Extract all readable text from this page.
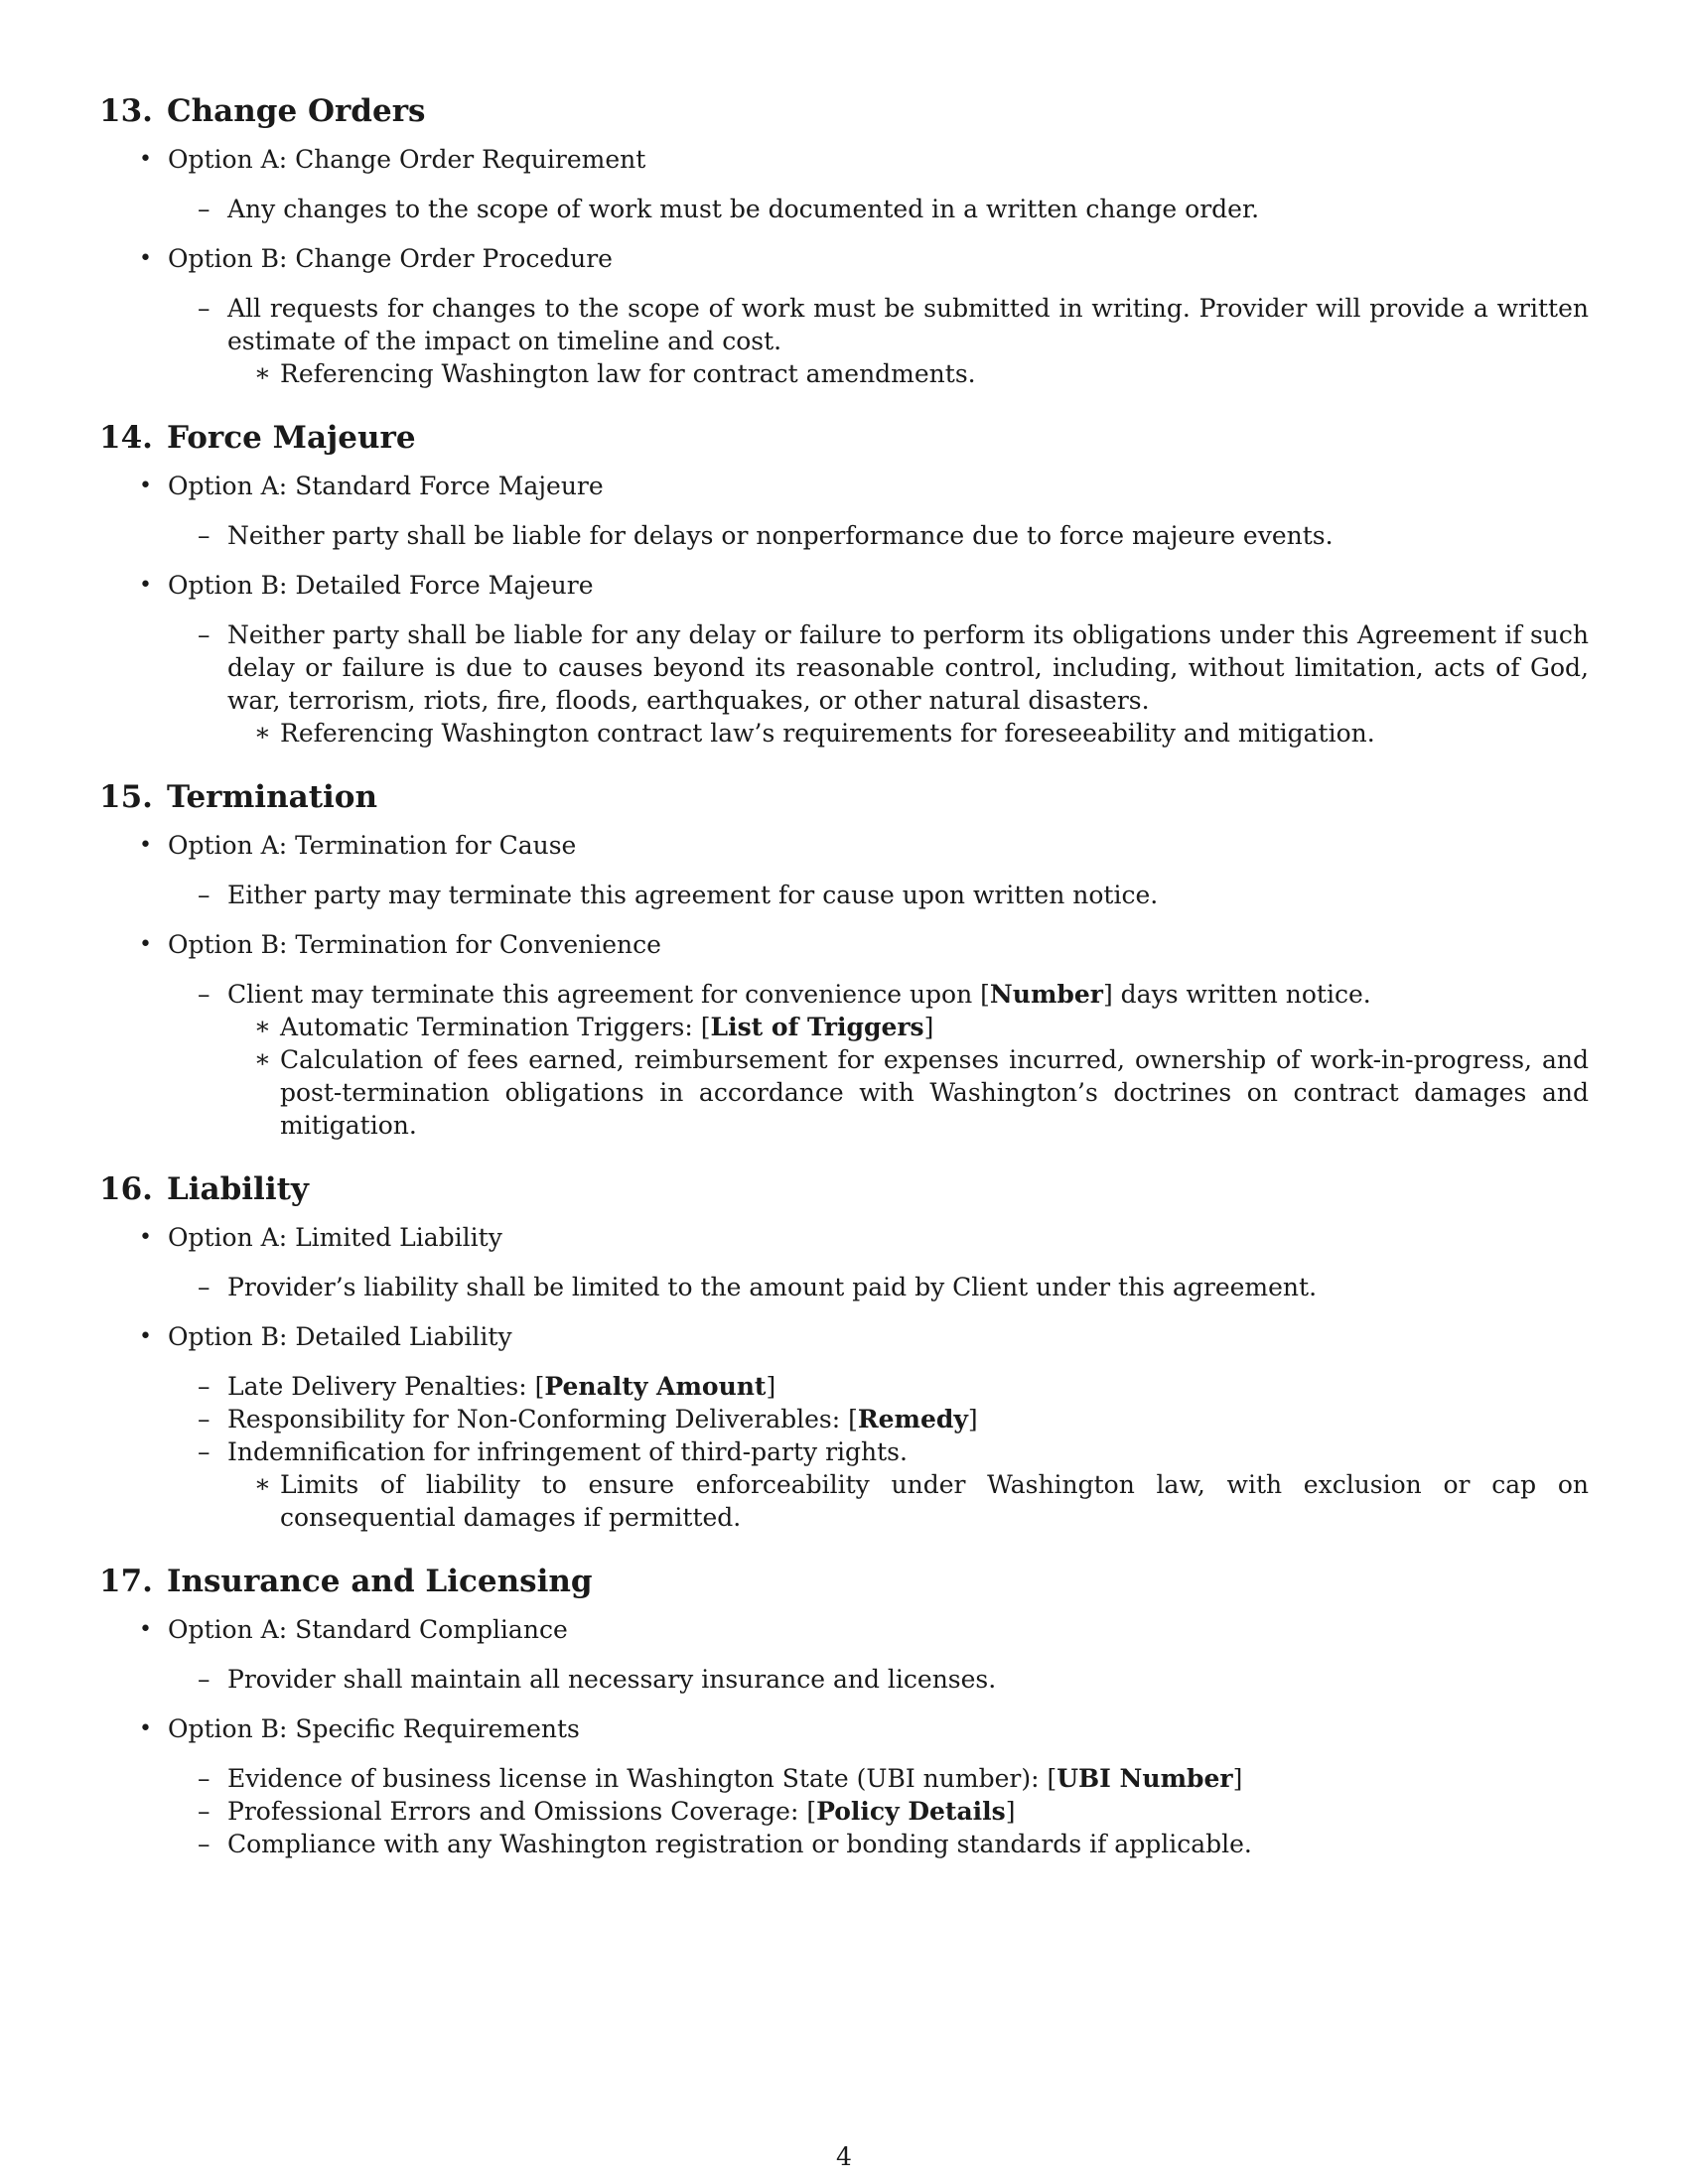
13. Change Orders
• Option A: Change Order Requirement
– Any changes to the scope of work must be documented in a written change order.
• Option B: Change Order Procedure
– All requests for changes to the scope of work must be submitted in writing. Provider will provide a written estimate of the impact on timeline and cost.
∗ Referencing Washington law for contract amendments.
14. Force Majeure
• Option A: Standard Force Majeure
– Neither party shall be liable for delays or nonperformance due to force majeure events.
• Option B: Detailed Force Majeure
– Neither party shall be liable for any delay or failure to perform its obligations under this Agreement if such delay or failure is due to causes beyond its reasonable control, including, without limitation, acts of God, war, terrorism, riots, fire, floods, earthquakes, or other natural disasters.
∗ Referencing Washington contract law’s requirements for foreseeability and mitigation.
15. Termination
• Option A: Termination for Cause
– Either party may terminate this agreement for cause upon written notice.
• Option B: Termination for Convenience
– Client may terminate this agreement for convenience upon [Number] days written notice.
∗ Automatic Termination Triggers: [List of Triggers]
∗ Calculation of fees earned, reimbursement for expenses incurred, ownership of work-in-progress, and post-termination obligations in accordance with Washington’s doctrines on contract damages and mitigation.
16. Liability
• Option A: Limited Liability
– Provider’s liability shall be limited to the amount paid by Client under this agreement.
• Option B: Detailed Liability
– Late Delivery Penalties: [Penalty Amount]
– Responsibility for Non-Conforming Deliverables: [Remedy]
– Indemnification for infringement of third-party rights.
∗ Limits of liability to ensure enforceability under Washington law, with exclusion or cap on consequential damages if permitted.
17. Insurance and Licensing
• Option A: Standard Compliance
– Provider shall maintain all necessary insurance and licenses.
• Option B: Specific Requirements
– Evidence of business license in Washington State (UBI number): [UBI Number]
– Professional Errors and Omissions Coverage: [Policy Details]
– Compliance with any Washington registration or bonding standards if applicable.
4
